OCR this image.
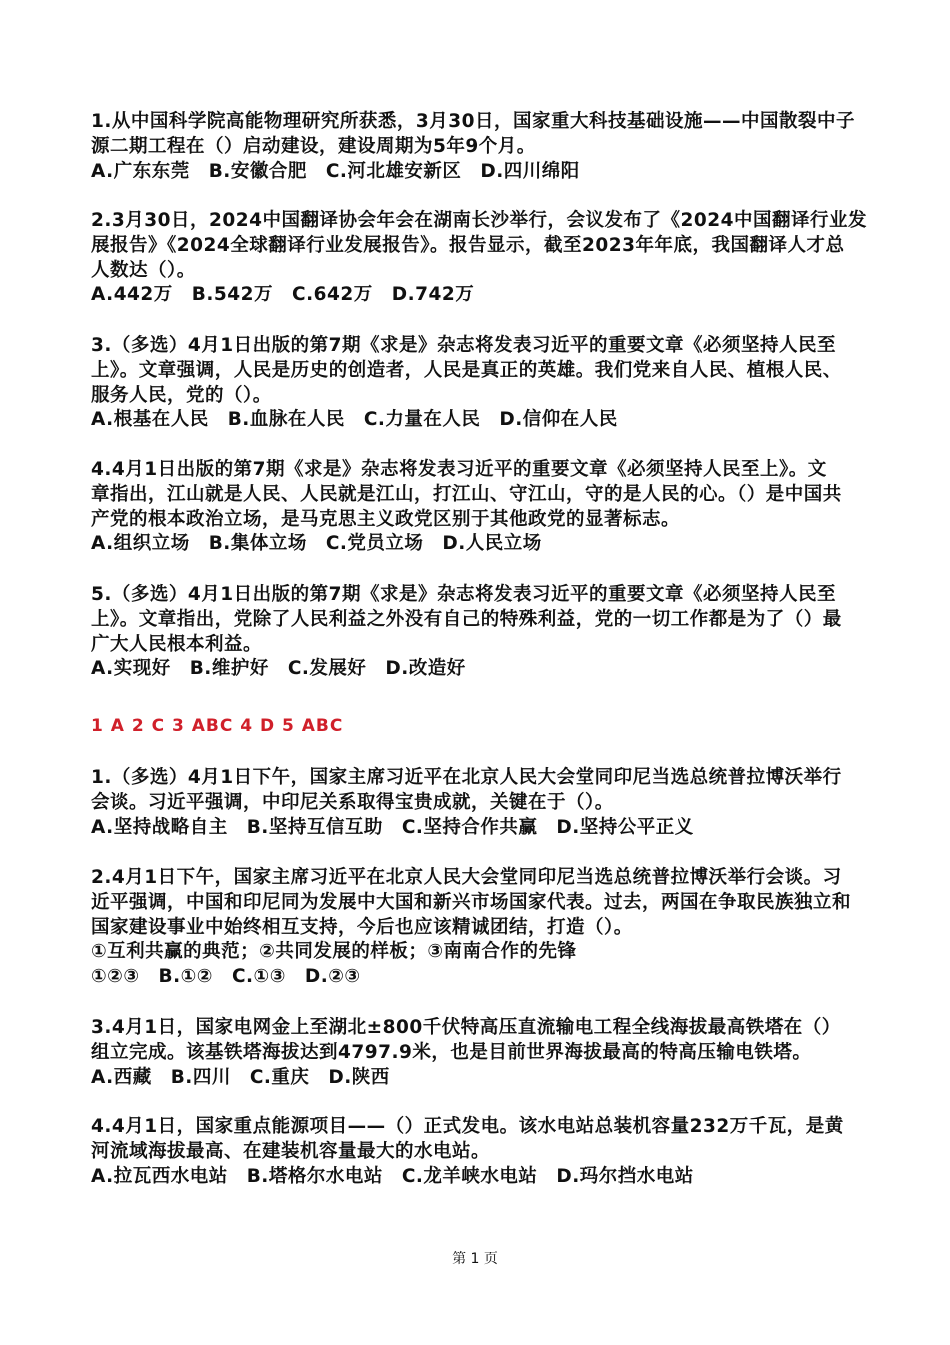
1.从中国科学院高能物理研究所获悉，3月30日，国家重大科技基础设施——中国散裂中子
源二期工程在（）启动建设，建设周期为5年9个月。
A.广东东莞　B.安徽合肥　C.河北雄安新区　D.四川绵阳
2.3月30日，2024中国翻译协会年会在湖南长沙举行，会议发布了《2024中国翻译行业发
展报告》《2024全球翻译行业发展报告》。报告显示，截至2023年年底，我国翻译人才总
人数达（）。
A.442万　B.542万　C.642万　D.742万
3.（多选）4月1日出版的第7期《求是》杂志将发表习近平的重要文章《必须坚持人民至
上》。文章强调，人民是历史的创造者，人民是真正的英雄。我们党来自人民、植根人民、
服务人民，党的（）。
A.根基在人民　B.血脉在人民　C.力量在人民　D.信仰在人民
4.4月1日出版的第7期《求是》杂志将发表习近平的重要文章《必须坚持人民至上》。文
章指出，江山就是人民、人民就是江山，打江山、守江山，守的是人民的心。（）是中国共
产党的根本政治立场，是马克思主义政党区别于其他政党的显著标志。
A.组织立场　B.集体立场　C.党员立场　D.人民立场
5.（多选）4月1日出版的第7期《求是》杂志将发表习近平的重要文章《必须坚持人民至
上》。文章指出，党除了人民利益之外没有自己的特殊利益，党的一切工作都是为了（）最
广大人民根本利益。
A.实现好　B.维护好　C.发展好　D.改造好
1 A 2 C 3 ABC 4 D 5 ABC
1.（多选）4月1日下午，国家主席习近平在北京人民大会堂同印尼当选总统普拉博沃举行
会谈。习近平强调，中印尼关系取得宝贵成就，关键在于（）。
A.坚持战略自主　B.坚持互信互助　C.坚持合作共赢　D.坚持公平正义
2.4月1日下午，国家主席习近平在北京人民大会堂同印尼当选总统普拉博沃举行会谈。习
近平强调，中国和印尼同为发展中大国和新兴市场国家代表。过去，两国在争取民族独立和
国家建设事业中始终相互支持，今后也应该精诚团结，打造（）。
①互利共赢的典范；②共同发展的样板；③南南合作的先锋
①②③　B.①②　C.①③　D.②③
3.4月1日，国家电网金上至湖北±800千伏特高压直流输电工程全线海拔最高铁塔在（）
组立完成。该基铁塔海拔达到4797.9米，也是目前世界海拔最高的特高压输电铁塔。
A.西藏　B.四川　C.重庆　D.陕西
4.4月1日，国家重点能源项目——（）正式发电。该水电站总装机容量232万千瓦，是黄
河流域海拔最高、在建装机容量最大的水电站。
A.拉瓦西水电站　B.塔格尔水电站　C.龙羊峡水电站　D.玛尔挡水电站
第 1 页
